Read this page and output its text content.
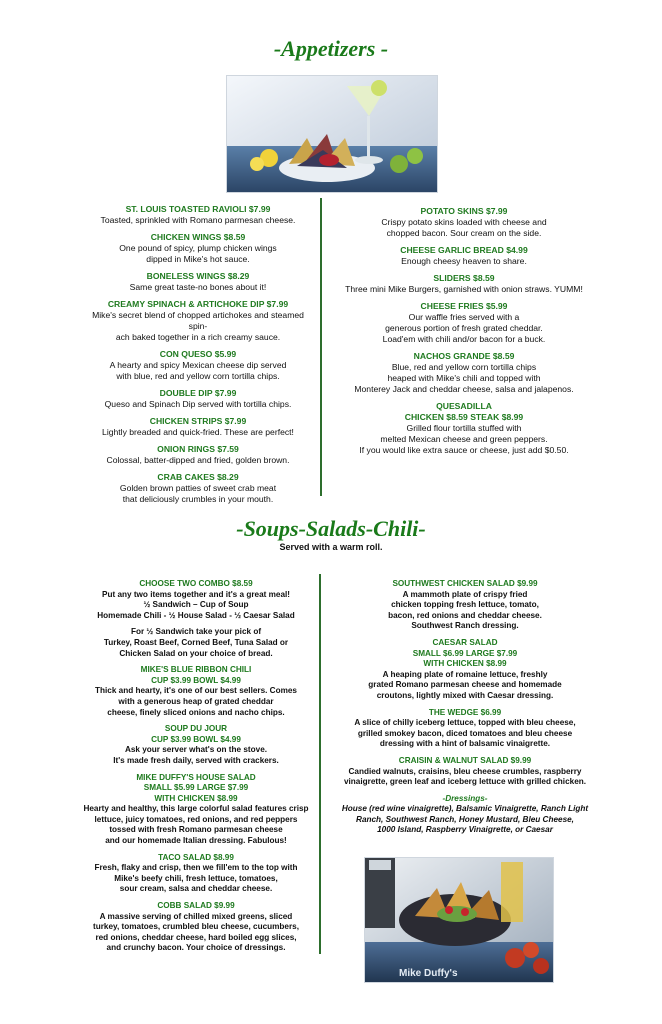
-Appetizers -
ST. LOUIS TOASTED RAVIOLI $7.99
Toasted, sprinkled with Romano parmesan cheese.
CHICKEN WINGS $8.59
One pound of spicy, plump chicken wings
dipped in Mike's hot sauce.
BONELESS WINGS $8.29
Same great taste-no bones about it!
CREAMY SPINACH & ARTICHOKE DIP $7.99
Mike's secret blend of chopped artichokes and steamed spin-
ach baked together in a rich creamy sauce.
CON QUESO $5.99
A hearty and spicy Mexican cheese dip served
with blue, red and yellow corn tortilla chips.
DOUBLE DIP $7.99
Queso and Spinach Dip served with tortilla chips.
CHICKEN STRIPS $7.99
Lightly breaded and quick-fried. These are perfect!
ONION RINGS $7.59
Colossal, batter-dipped and fried, golden brown.
CRAB CAKES $8.29
Golden brown patties of sweet crab meat
that deliciously crumbles in your mouth.
POTATO SKINS $7.99
Crispy potato skins loaded with cheese and
chopped bacon. Sour cream on the side.
CHEESE GARLIC BREAD $4.99
Enough cheesy heaven to share.
SLIDERS $8.59
Three mini Mike Burgers, garnished with onion straws. YUMM!
CHEESE FRIES $5.99
Our waffle fries served with a
generous portion of fresh grated cheddar.
Load'em with chili and/or bacon for a buck.
NACHOS GRANDE $8.59
Blue, red and yellow corn tortilla chips
heaped with Mike's chili and topped with
Monterey Jack and cheddar cheese, salsa and jalapenos.
QUESADILLA
CHICKEN $8.59 STEAK $8.99
Grilled flour tortilla stuffed with
melted Mexican cheese and green peppers.
If you would like extra sauce or cheese, just add $0.50.
-Soups-Salads-Chili-
Served with a warm roll.
CHOOSE TWO COMBO $8.59
Put any two items together and it's a great meal!
½ Sandwich – Cup of Soup
Homemade Chili - ½ House Salad - ½ Caesar Salad
For ½ Sandwich take your pick of
Turkey, Roast Beef, Corned Beef, Tuna Salad or
Chicken Salad on your choice of bread.
MIKE'S BLUE RIBBON CHILI
CUP $3.99 BOWL $4.99
Thick and hearty, it's one of our best sellers. Comes
with a generous heap of grated cheddar
cheese, finely sliced onions and nacho chips.
SOUP DU JOUR
CUP $3.99 BOWL $4.99
Ask your server what's on the stove.
It's made fresh daily, served with crackers.
MIKE DUFFY'S HOUSE SALAD
SMALL $5.99 LARGE $7.99
WITH CHICKEN $8.99
Hearty and healthy, this large colorful salad features crisp
lettuce, juicy tomatoes, red onions, and red peppers
tossed with fresh Romano parmesan cheese
and our homemade Italian dressing. Fabulous!
TACO SALAD $8.99
Fresh, flaky and crisp, then we fill'em to the top with
Mike's beefy chili, fresh lettuce, tomatoes,
sour cream, salsa and cheddar cheese.
COBB SALAD $9.99
A massive serving of chilled mixed greens, sliced
turkey, tomatoes, crumbled bleu cheese, cucumbers,
red onions, cheddar cheese, hard boiled egg slices,
and crunchy bacon. Your choice of dressings.
SOUTHWEST CHICKEN SALAD $9.99
A mammoth plate of crispy fried
chicken topping fresh lettuce, tomato,
bacon, red onions and cheddar cheese.
Southwest Ranch dressing.
CAESAR SALAD
SMALL $6.99 LARGE $7.99
WITH CHICKEN $8.99
A heaping plate of romaine lettuce, freshly
grated Romano parmesan cheese and homemade
croutons, lightly mixed with Caesar dressing.
THE WEDGE $6.99
A slice of chilly iceberg lettuce, topped with bleu cheese,
grilled smokey bacon, diced tomatoes and bleu cheese
dressing with a hint of balsamic vinaigrette.
CRAISIN & WALNUT SALAD $9.99
Candied walnuts, craisins, bleu cheese crumbles, raspberry
vinaigrette, green leaf and iceberg lettuce with grilled chicken.
-Dressings-
House (red wine vinaigrette), Balsamic Vinaigrette, Ranch Light
Ranch, Southwest Ranch, Honey Mustard, Bleu Cheese,
1000 Island, Raspberry Vinaigrette, or Caesar
Mike Duffy's
